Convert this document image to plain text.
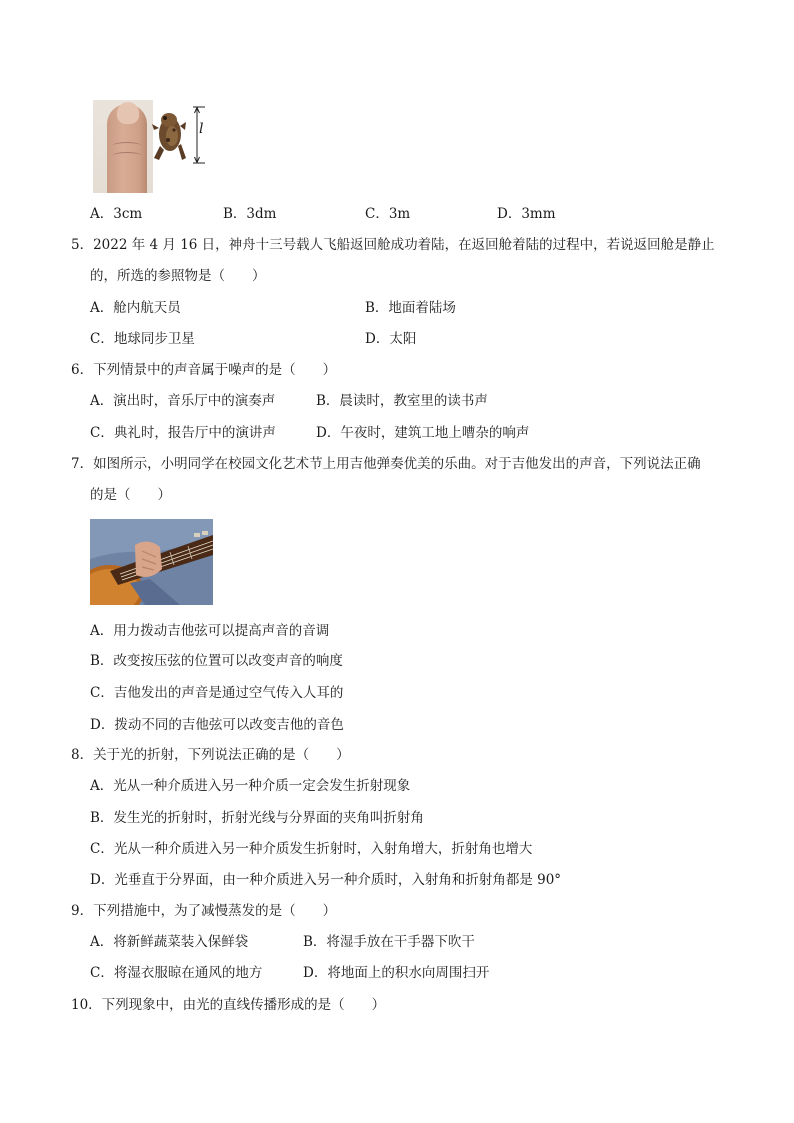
l
A．3cm	B．3dm	C．3m	D．3mm
5．2022 年 4 月 16 日，神舟十三号载人飞船返回舱成功着陆，在返回舱着陆的过程中，若说返回舱是静止
的，所选的参照物是（　　）
A．舱内航天员	B．地面着陆场
C．地球同步卫星	D．太阳
6．下列情景中的声音属于噪声的是（　　）
A．演出时，音乐厅中的演奏声	B．晨读时，教室里的读书声
C．典礼时，报告厅中的演讲声	D．午夜时，建筑工地上嘈杂的响声
7．如图所示，小明同学在校园文化艺术节上用吉他弹奏优美的乐曲。对于吉他发出的声音，下列说法正确
的是（　　）
A．用力拨动吉他弦可以提高声音的音调
B．改变按压弦的位置可以改变声音的响度
C．吉他发出的声音是通过空气传入人耳的
D．拨动不同的吉他弦可以改变吉他的音色
8．关于光的折射，下列说法正确的是（　　）
A．光从一种介质进入另一种介质一定会发生折射现象
B．发生光的折射时，折射光线与分界面的夹角叫折射角
C．光从一种介质进入另一种介质发生折射时，入射角增大，折射角也增大
D．光垂直于分界面，由一种介质进入另一种介质时，入射角和折射角都是 90°
9．下列措施中，为了减慢蒸发的是（　　）
A．将新鲜蔬菜装入保鲜袋	B．将湿手放在干手器下吹干
C．将湿衣服晾在通风的地方	D．将地面上的积水向周围扫开
10．下列现象中，由光的直线传播形成的是（　　）
